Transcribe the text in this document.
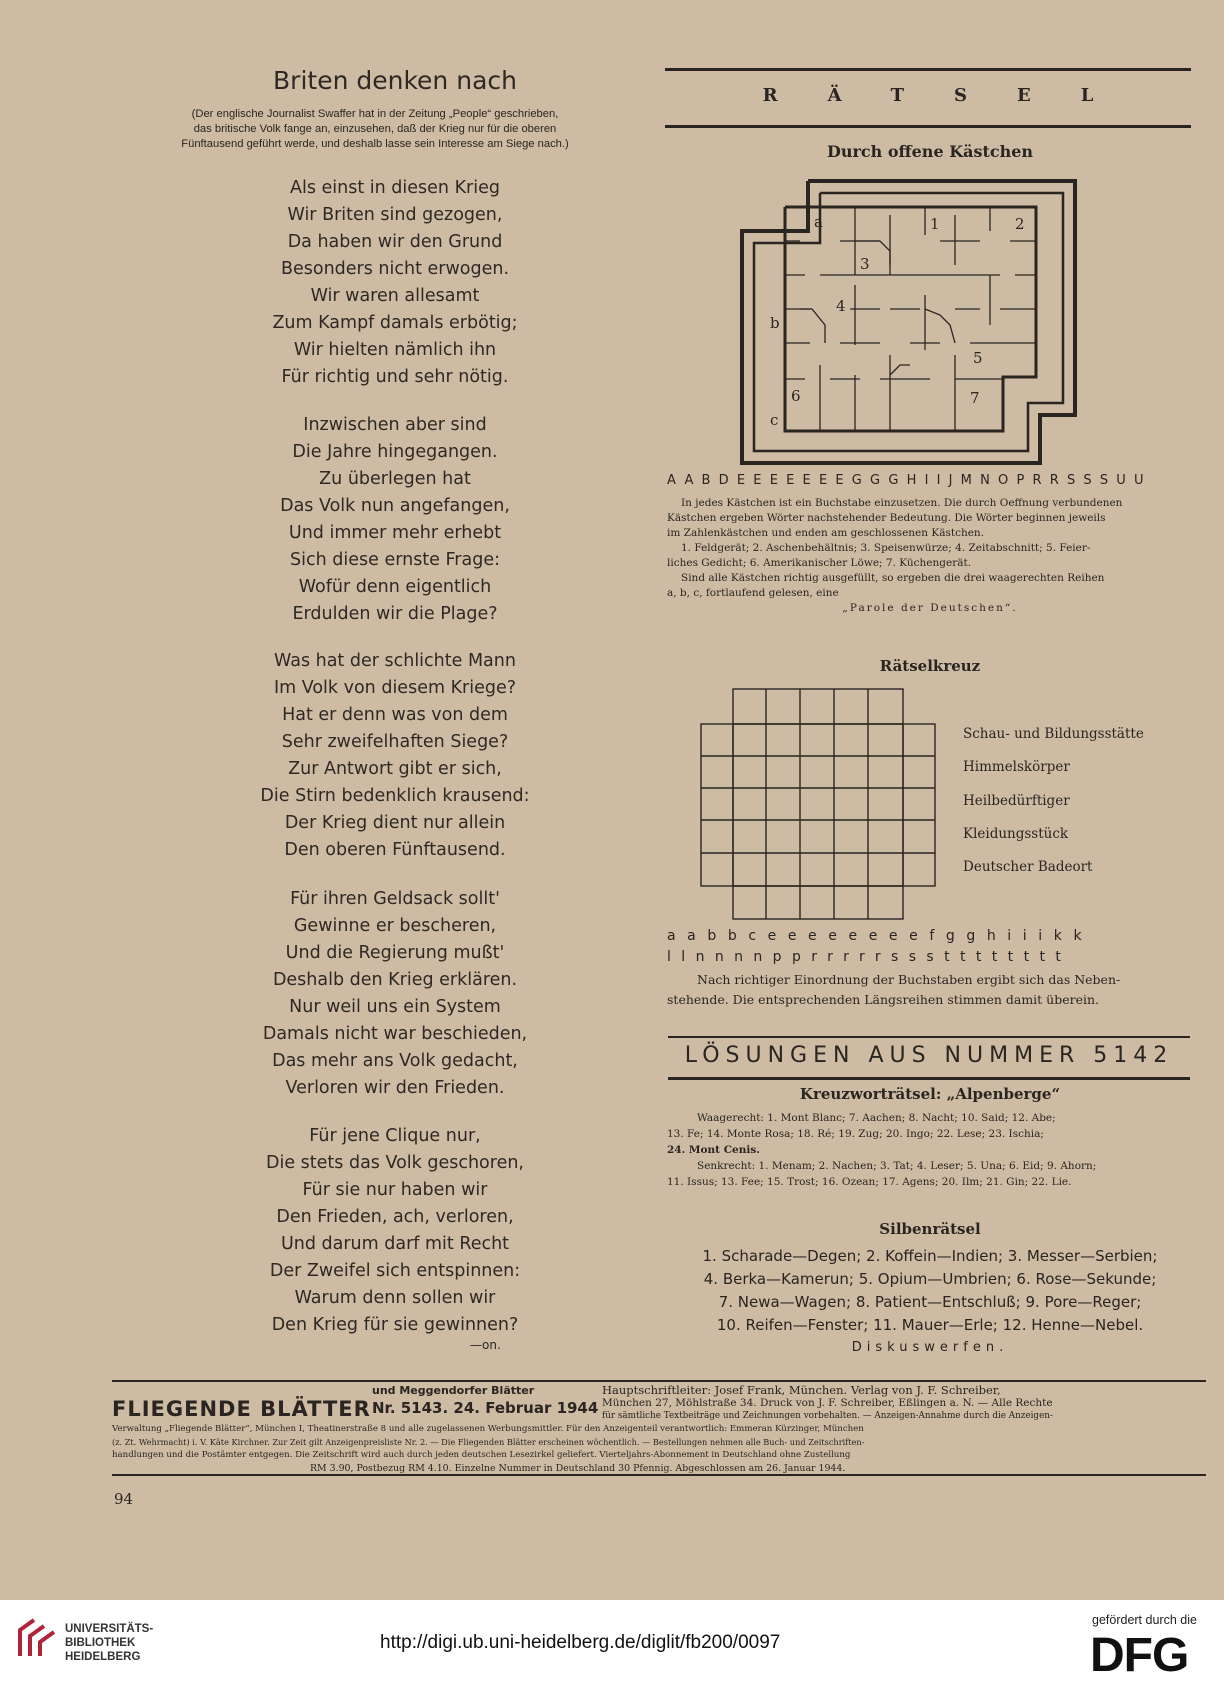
Briten denken nach
(Der englische Journalist Swaffer hat in der Zeitung „People“ geschrieben,
das britische Volk fange an, einzusehen, daß der Krieg nur für die oberen
Fünftausend geführt werde, und deshalb lasse sein Interesse am Siege nach.)
Als einst in diesen Krieg
Wir Briten sind gezogen,
Da haben wir den Grund
Besonders nicht erwogen.
Wir waren allesamt
Zum Kampf damals erbötig;
Wir hielten nämlich ihn
Für richtig und sehr nötig.
Inzwischen aber sind
Die Jahre hingegangen.
Zu überlegen hat
Das Volk nun angefangen,
Und immer mehr erhebt
Sich diese ernste Frage:
Wofür denn eigentlich
Erdulden wir die Plage?
Was hat der schlichte Mann
Im Volk von diesem Kriege?
Hat er denn was von dem
Sehr zweifelhaften Siege?
Zur Antwort gibt er sich,
Die Stirn bedenklich krausend:
Der Krieg dient nur allein
Den oberen Fünftausend.
Für ihren Geldsack sollt'
Gewinne er bescheren,
Und die Regierung mußt'
Deshalb den Krieg erklären.
Nur weil uns ein System
Damals nicht war beschieden,
Das mehr ans Volk gedacht,
Verloren wir den Frieden.
Für jene Clique nur,
Die stets das Volk geschoren,
Für sie nur haben wir
Den Frieden, ach, verloren,
Und darum darf mit Recht
Der Zweifel sich entspinnen:
Warum denn sollen wir
Den Krieg für sie gewinnen?
—on.
RÄTSEL
Durch offene Kästchen
a
b
c
1	2
3
4
5
6	7
AABDEEEEEEEGGGHIIJMNOPRRSSSUU
In jedes Kästchen ist ein Buchstabe einzusetzen. Die durch Oeffnung verbundenen
Kästchen ergeben Wörter nachstehender Bedeutung. Die Wörter beginnen jeweils
im Zahlenkästchen und enden am geschlossenen Kästchen.
1. Feldgerät; 2. Aschenbehältnis; 3. Speisenwürze; 4. Zeitabschnitt; 5. Feier-
liches Gedicht; 6. Amerikanischer Löwe; 7. Küchengerät.
Sind alle Kästchen richtig ausgefüllt, so ergeben die drei waagerechten Reihen
a, b, c, fortlaufend gelesen, eine
„Parole der Deutschen“.
Rätselkreuz
Schau- und Bildungsstätte
Himmelskörper
Heilbedürftiger
Kleidungsstück
Deutscher Badeort
aabbceeeeeeeefgghiiikk
llnnnnpprrrrrssstttttttt
Nach richtiger Einordnung der Buchstaben ergibt sich das Neben-
stehende. Die entsprechenden Längsreihen stimmen damit überein.
LÖSUNGEN AUS NUMMER 5142
Kreuzworträtsel: „Alpenberge“
Waagerecht: 1. Mont Blanc; 7. Aachen; 8. Nacht; 10. Said; 12. Abe;
13. Fe; 14. Monte Rosa; 18. Ré; 19. Zug; 20. Ingo; 22. Lese; 23. Ischia;
24. Mont Cenis.
Senkrecht: 1. Menam; 2. Nachen; 3. Tat; 4. Leser; 5. Una; 6. Eid; 9. Ahorn;
11. Issus; 13. Fee; 15. Trost; 16. Ozean; 17. Agens; 20. Ilm; 21. Gin; 22. Lie.
Silbenrätsel
1. Scharade—Degen; 2. Koffein—Indien; 3. Messer—Serbien;
4. Berka—Kamerun; 5. Opium—Umbrien; 6. Rose—Sekunde;
7. Newa—Wagen; 8. Patient—Entschluß; 9. Pore—Reger;
10. Reifen—Fenster; 11. Mauer—Erle; 12. Henne—Nebel.
Diskuswerfen.
und Meggendorfer Blätter
FLIEGENDE BLÄTTER Nr. 5143. 24. Februar 1944
Hauptschriftleiter: Josef Frank, München. Verlag von J. F. Schreiber,
München 27, Möhlstraße 34. Druck von J. F. Schreiber, Eßlingen a. N. — Alle Rechte
für sämtliche Textbeiträge und Zeichnungen vorbehalten. — Anzeigen-Annahme durch die Anzeigen-
Verwaltung „Fliegende Blätter“, München I, Theatinerstraße 8 und alle zugelassenen Werbungsmittler. Für den Anzeigenteil verantwortlich: Emmeran Kürzinger, München
(z. Zt. Wehrmacht) i. V. Käte Kirchner. Zur Zeit gilt Anzeigenpreisliste Nr. 2. — Die Fliegenden Blätter erscheinen wöchentlich. — Bestellungen nehmen alle Buch- und Zeitschriften-
handlungen und die Postämter entgegen. Die Zeitschrift wird auch durch jeden deutschen Lesezirkel geliefert. Vierteljahrs-Abonnement in Deutschland ohne Zustellung
RM 3.90, Postbezug RM 4.10. Einzelne Nummer in Deutschland 30 Pfennig. Abgeschlossen am 26. Januar 1944.
94
UNIVERSITÄTS-
BIBLIOTHEK
HEIDELBERG
http://digi.ub.uni-heidelberg.de/diglit/fb200/0097
gefördert durch die
DFG
